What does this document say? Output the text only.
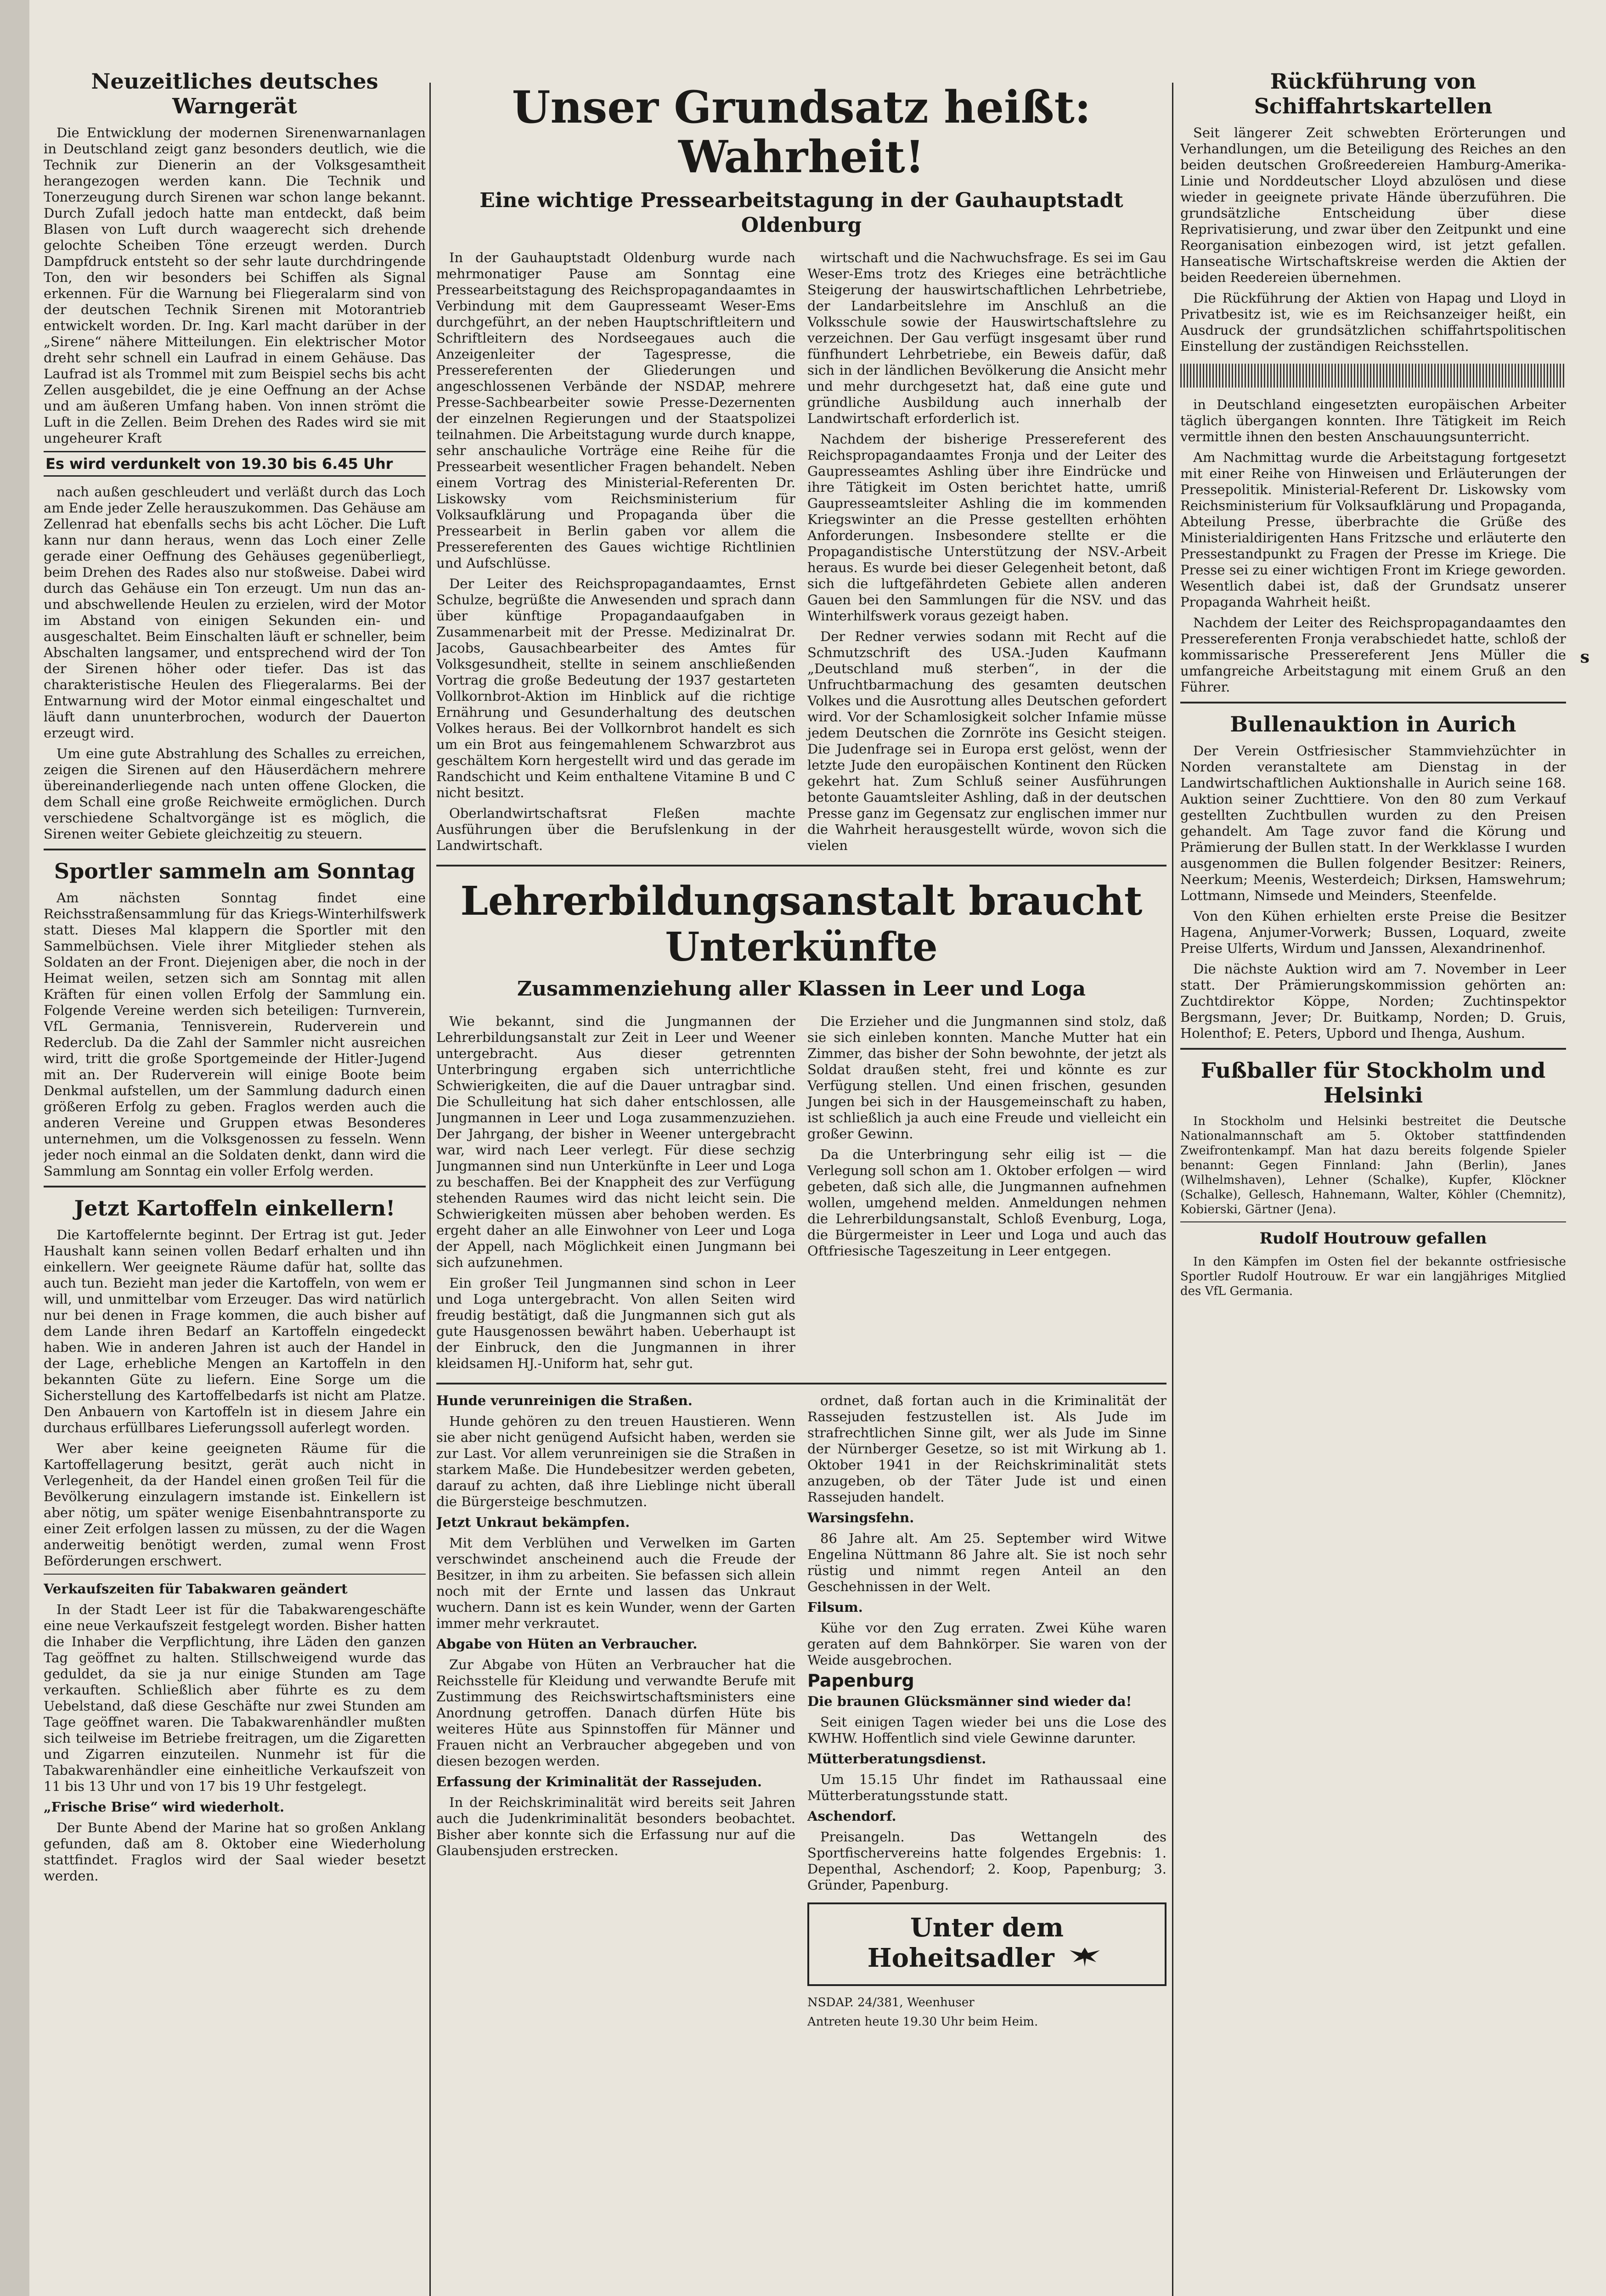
s
Neuzeitliches deutsches Warngerät

Die Entwicklung der modernen Sirenenwarnanlagen in Deutschland zeigt ganz besonders deutlich, wie die Technik zur Dienerin an der Volksgesamtheit herangezogen werden kann. Die Technik und Tonerzeugung durch Sirenen war schon lange bekannt. Durch Zufall jedoch hatte man entdeckt, daß beim Blasen von Luft durch waagerecht sich drehende gelochte Scheiben Töne erzeugt werden. Durch Dampfdruck entsteht so der sehr laute durchdringende Ton, den wir besonders bei Schiffen als Signal erkennen. Für die Warnung bei Fliegeralarm sind von der deutschen Technik Sirenen mit Motorantrieb entwickelt worden. Dr. Ing. Karl macht darüber in der „Sirene“ nähere Mitteilungen. Ein elektrischer Motor dreht sehr schnell ein Laufrad in einem Gehäuse. Das Laufrad ist als Trommel mit zum Beispiel sechs bis acht Zellen ausgebildet, die je eine Oeffnung an der Achse und am äußeren Umfang haben. Von innen strömt die Luft in die Zellen. Beim Drehen des Rades wird sie mit ungeheurer Kraft

Es wird verdunkelt von 19.30 bis 6.45 Uhr

nach außen geschleudert und verläßt durch das Loch am Ende jeder Zelle herauszukommen. Das Gehäuse am Zellenrad hat ebenfalls sechs bis acht Löcher. Die Luft kann nur dann heraus, wenn das Loch einer Zelle gerade einer Oeffnung des Gehäuses gegenüberliegt, beim Drehen des Rades also nur stoßweise. Dabei wird durch das Gehäuse ein Ton erzeugt. Um nun das an- und abschwellende Heulen zu erzielen, wird der Motor im Abstand von einigen Sekunden ein- und ausgeschaltet. Beim Einschalten läuft er schneller, beim Abschalten langsamer, und entsprechend wird der Ton der Sirenen höher oder tiefer. Das ist das charakteristische Heulen des Fliegeralarms. Bei der Entwarnung wird der Motor einmal eingeschaltet und läuft dann ununterbrochen, wodurch der Dauerton erzeugt wird.

Um eine gute Abstrahlung des Schalles zu erreichen, zeigen die Sirenen auf den Häuserdächern mehrere übereinanderliegende nach unten offene Glocken, die dem Schall eine große Reichweite ermöglichen. Durch verschiedene Schaltvorgänge ist es möglich, die Sirenen weiter Gebiete gleichzeitig zu steuern.

Sportler sammeln am Sonntag

Am nächsten Sonntag findet eine Reichsstraßensammlung für das Kriegs-Winterhilfswerk statt. Dieses Mal klappern die Sportler mit den Sammelbüchsen. Viele ihrer Mitglieder stehen als Soldaten an der Front. Diejenigen aber, die noch in der Heimat weilen, setzen sich am Sonntag mit allen Kräften für einen vollen Erfolg der Sammlung ein. Folgende Vereine werden sich beteiligen: Turnverein, VfL Germania, Tennisverein, Ruderverein und Rederclub. Da die Zahl der Sammler nicht ausreichen wird, tritt die große Sportgemeinde der Hitler-Jugend mit an. Der Ruderverein will einige Boote beim Denkmal aufstellen, um der Sammlung dadurch einen größeren Erfolg zu geben. Fraglos werden auch die anderen Vereine und Gruppen etwas Besonderes unternehmen, um die Volksgenossen zu fesseln. Wenn jeder noch einmal an die Soldaten denkt, dann wird die Sammlung am Sonntag ein voller Erfolg werden.

Jetzt Kartoffeln einkellern!

Die Kartoffelernte beginnt. Der Ertrag ist gut. Jeder Haushalt kann seinen vollen Bedarf erhalten und ihn einkellern. Wer geeignete Räume dafür hat, sollte das auch tun. Bezieht man jeder die Kartoffeln, von wem er will, und unmittelbar vom Erzeuger. Das wird natürlich nur bei denen in Frage kommen, die auch bisher auf dem Lande ihren Bedarf an Kartoffeln eingedeckt haben. Wie in anderen Jahren ist auch der Handel in der Lage, erhebliche Mengen an Kartoffeln in den bekannten Güte zu liefern. Eine Sorge um die Sicherstellung des Kartoffelbedarfs ist nicht am Platze. Den Anbauern von Kartoffeln ist in diesem Jahre ein durchaus erfüllbares Lieferungssoll auferlegt worden.

Wer aber keine geeigneten Räume für die Kartoffellagerung besitzt, gerät auch nicht in Verlegenheit, da der Handel einen großen Teil für die Bevölkerung einzulagern imstande ist. Einkellern ist aber nötig, um später wenige Eisenbahntransporte zu einer Zeit erfolgen lassen zu müssen, zu der die Wagen anderweitig benötigt werden, zumal wenn Frost Beförderungen erschwert.

Verkaufszeiten für Tabakwaren geändert

In der Stadt Leer ist für die Tabakwarengeschäfte eine neue Verkaufszeit festgelegt worden. Bisher hatten die Inhaber die Verpflichtung, ihre Läden den ganzen Tag geöffnet zu halten. Stillschweigend wurde das geduldet, da sie ja nur einige Stunden am Tage verkauften. Schließlich aber führte es zu dem Uebelstand, daß diese Geschäfte nur zwei Stunden am Tage geöffnet waren. Die Tabakwarenhändler mußten sich teilweise im Betriebe freitragen, um die Zigaretten und Zigarren einzuteilen. Nunmehr ist für die Tabakwarenhändler eine einheitliche Verkaufszeit von 11 bis 13 Uhr und von 17 bis 19 Uhr festgelegt.

„Frische Brise“ wird wiederholt.

Der Bunte Abend der Marine hat so großen Anklang gefunden, daß am 8. Oktober eine Wiederholung stattfindet. Fraglos wird der Saal wieder besetzt werden.

Unser Grundsatz heißt: Wahrheit!
Eine wichtige Pressearbeitstagung in der Gauhauptstadt Oldenburg

In der Gauhauptstadt Oldenburg wurde nach mehrmonatiger Pause am Sonntag eine Pressearbeitstagung des Reichspropagandaamtes in Verbindung mit dem Gaupresseamt Weser-Ems durchgeführt, an der neben Hauptschriftleitern und Schriftleitern des Nordseegaues auch die Anzeigenleiter der Tagespresse, die Pressereferenten der Gliederungen und angeschlossenen Verbände der NSDAP, mehrere Presse-Sachbearbeiter sowie Presse-Dezernenten der einzelnen Regierungen und der Staatspolizei teilnahmen. Die Arbeitstagung wurde durch knappe, sehr anschauliche Vorträge eine Reihe für die Pressearbeit wesentlicher Fragen behandelt. Neben einem Vortrag des Ministerial-Referenten Dr. Liskowsky vom Reichsministerium für Volksaufklärung und Propaganda über die Pressearbeit in Berlin gaben vor allem die Pressereferenten des Gaues wichtige Richtlinien und Aufschlüsse.

Der Leiter des Reichspropagandaamtes, Ernst Schulze, begrüßte die Anwesenden und sprach dann über künftige Propagandaaufgaben in Zusammenarbeit mit der Presse. Medizinalrat Dr. Jacobs, Gausachbearbeiter des Amtes für Volksgesundheit, stellte in seinem anschließenden Vortrag die große Bedeutung der 1937 gestarteten Vollkornbrot-Aktion im Hinblick auf die richtige Ernährung und Gesunderhaltung des deutschen Volkes heraus. Bei der Vollkornbrot handelt es sich um ein Brot aus feingemahlenem Schwarzbrot aus geschältem Korn hergestellt wird und das gerade im Randschicht und Keim enthaltene Vitamine B und C nicht besitzt.

Oberlandwirtschaftsrat Fleßen machte Ausführungen über die Berufslenkung in der Landwirtschaft.

wirtschaft und die Nachwuchsfrage. Es sei im Gau Weser-Ems trotz des Krieges eine beträchtliche Steigerung der hauswirtschaftlichen Lehrbetriebe, der Landarbeitslehre im Anschluß an die Volksschule sowie der Hauswirtschaftslehre zu verzeichnen. Der Gau verfügt insgesamt über rund fünfhundert Lehrbetriebe, ein Beweis dafür, daß sich in der ländlichen Bevölkerung die Ansicht mehr und mehr durchgesetzt hat, daß eine gute und gründliche Ausbildung auch innerhalb der Landwirtschaft erforderlich ist.

Nachdem der bisherige Pressereferent des Reichspropagandaamtes Fronja und der Leiter des Gaupresseamtes Ashling über ihre Eindrücke und ihre Tätigkeit im Osten berichtet hatte, umriß Gaupresseamtsleiter Ashling die im kommenden Kriegswinter an die Presse gestellten erhöhten Anforderungen. Insbesondere stellte er die Propagandistische Unterstützung der NSV.-Arbeit heraus. Es wurde bei dieser Gelegenheit betont, daß sich die luftgefährdeten Gebiete allen anderen Gauen bei den Sammlungen für die NSV. und das Winterhilfswerk voraus gezeigt haben.

Der Redner verwies sodann mit Recht auf die Schmutzschrift des USA.-Juden Kaufmann „Deutschland muß sterben“, in der die Unfruchtbarmachung des gesamten deutschen Volkes und die Ausrottung alles Deutschen gefordert wird. Vor der Schamlosigkeit solcher Infamie müsse jedem Deutschen die Zornröte ins Gesicht steigen. Die Judenfrage sei in Europa erst gelöst, wenn der letzte Jude den europäischen Kontinent den Rücken gekehrt hat. Zum Schluß seiner Ausführungen betonte Gauamtsleiter Ashling, daß in der deutschen Presse ganz im Gegensatz zur englischen immer nur die Wahrheit herausgestellt würde, wovon sich die vielen

Lehrerbildungsanstalt braucht Unterkünfte
Zusammenziehung aller Klassen in Leer und Loga

Wie bekannt, sind die Jungmannen der Lehrerbildungsanstalt zur Zeit in Leer und Weener untergebracht. Aus dieser getrennten Unterbringung ergaben sich unterrichtliche Schwierigkeiten, die auf die Dauer untragbar sind. Die Schulleitung hat sich daher entschlossen, alle Jungmannen in Leer und Loga zusammenzuziehen. Der Jahrgang, der bisher in Weener untergebracht war, wird nach Leer verlegt. Für diese sechzig Jungmannen sind nun Unterkünfte in Leer und Loga zu beschaffen. Bei der Knappheit des zur Verfügung stehenden Raumes wird das nicht leicht sein. Die Schwierigkeiten müssen aber behoben werden. Es ergeht daher an alle Einwohner von Leer und Loga der Appell, nach Möglichkeit einen Jungmann bei sich aufzunehmen.

Ein großer Teil Jungmannen sind schon in Leer und Loga untergebracht. Von allen Seiten wird freudig bestätigt, daß die Jungmannen sich gut als gute Hausgenossen bewährt haben. Ueberhaupt ist der Einbruck, den die Jungmannen in ihrer kleidsamen HJ.-Uniform hat, sehr gut.

Die Erzieher und die Jungmannen sind stolz, daß sie sich einleben konnten. Manche Mutter hat ein Zimmer, das bisher der Sohn bewohnte, der jetzt als Soldat draußen steht, frei und könnte es zur Verfügung stellen. Und einen frischen, gesunden Jungen bei sich in der Hausgemeinschaft zu haben, ist schließlich ja auch eine Freude und vielleicht ein großer Gewinn.

Da die Unterbringung sehr eilig ist — die Verlegung soll schon am 1. Oktober erfolgen — wird gebeten, daß sich alle, die Jungmannen aufnehmen wollen, umgehend melden. Anmeldungen nehmen die Lehrerbildungsanstalt, Schloß Evenburg, Loga, die Bürgermeister in Leer und Loga und auch das Oftfriesische Tageszeitung in Leer entgegen.

Hunde verunreinigen die Straßen.

Hunde gehören zu den treuen Haustieren. Wenn sie aber nicht genügend Aufsicht haben, werden sie zur Last. Vor allem verunreinigen sie die Straßen in starkem Maße. Die Hundebesitzer werden gebeten, darauf zu achten, daß ihre Lieblinge nicht überall die Bürgersteige beschmutzen.

Jetzt Unkraut bekämpfen.

Mit dem Verblühen und Verwelken im Garten verschwindet anscheinend auch die Freude der Besitzer, in ihm zu arbeiten. Sie befassen sich allein noch mit der Ernte und lassen das Unkraut wuchern. Dann ist es kein Wunder, wenn der Garten immer mehr verkrautet.

Abgabe von Hüten an Verbraucher.

Zur Abgabe von Hüten an Verbraucher hat die Reichsstelle für Kleidung und verwandte Berufe mit Zustimmung des Reichswirtschaftsministers eine Anordnung getroffen. Danach dürfen Hüte bis weiteres Hüte aus Spinnstoffen für Männer und Frauen nicht an Verbraucher abgegeben und von diesen bezogen werden.

Erfassung der Kriminalität der Rassejuden.

In der Reichskriminalität wird bereits seit Jahren auch die Judenkriminalität besonders beobachtet. Bisher aber konnte sich die Erfassung nur auf die Glaubensjuden erstrecken.

ordnet, daß fortan auch in die Kriminalität der Rassejuden festzustellen ist. Als Jude im strafrechtlichen Sinne gilt, wer als Jude im Sinne der Nürnberger Gesetze, so ist mit Wirkung ab 1. Oktober 1941 in der Reichskriminalität stets anzugeben, ob der Täter Jude ist und einen Rassejuden handelt.

Warsingsfehn.

86 Jahre alt. Am 25. September wird Witwe Engelina Nüttmann 86 Jahre alt. Sie ist noch sehr rüstig und nimmt regen Anteil an den Geschehnissen in der Welt.

Filsum.

Kühe vor den Zug erraten. Zwei Kühe waren geraten auf dem Bahnkörper. Sie waren von der Weide ausgebrochen.

Papenburg

Die braunen Glücksmänner sind wieder da!

Seit einigen Tagen wieder bei uns die Lose des KWHW. Hoffentlich sind viele Gewinne darunter.

Mütterberatungsdienst.

Um 15.15 Uhr findet im Rathaussaal eine Mütterberatungsstunde statt.

Aschendorf.

Preisangeln. Das Wettangeln des Sportfischervereins hatte folgendes Ergebnis: 1. Depenthal, Aschendorf; 2. Koop, Papenburg; 3. Gründer, Papenburg.

Unter dem Hoheitsadler

NSDAP. 24/381, Weenhuser

Antreten heute 19.30 Uhr beim Heim.

Rückführung von Schiffahrtskartellen

Seit längerer Zeit schwebten Erörterungen und Verhandlungen, um die Beteiligung des Reiches an den beiden deutschen Großreedereien Hamburg-Amerika-Linie und Norddeutscher Lloyd abzulösen und diese wieder in geeignete private Hände überzuführen. Die grundsätzliche Entscheidung über diese Reprivatisierung, und zwar über den Zeitpunkt und eine Reorganisation einbezogen wird, ist jetzt gefallen. Hanseatische Wirtschaftskreise werden die Aktien der beiden Reedereien übernehmen.

Die Rückführung der Aktien von Hapag und Lloyd in Privatbesitz ist, wie es im Reichsanzeiger heißt, ein Ausdruck der grundsätzlichen schiffahrtspolitischen Einstellung der zuständigen Reichsstellen.

in Deutschland eingesetzten europäischen Arbeiter täglich übergangen konnten. Ihre Tätigkeit im Reich vermittle ihnen den besten Anschauungsunterricht.

Am Nachmittag wurde die Arbeitstagung fortgesetzt mit einer Reihe von Hinweisen und Erläuterungen der Pressepolitik. Ministerial-Referent Dr. Liskowsky vom Reichsministerium für Volksaufklärung und Propaganda, Abteilung Presse, überbrachte die Grüße des Ministerialdirigenten Hans Fritzsche und erläuterte den Pressestandpunkt zu Fragen der Presse im Kriege. Die Presse sei zu einer wichtigen Front im Kriege geworden. Wesentlich dabei ist, daß der Grundsatz unserer Propaganda Wahrheit heißt.

Nachdem der Leiter des Reichspropagandaamtes den Pressereferenten Fronja verabschiedet hatte, schloß der kommissarische Pressereferent Jens Müller die umfangreiche Arbeitstagung mit einem Gruß an den Führer.

Bullenauktion in Aurich

Der Verein Ostfriesischer Stammviehzüchter in Norden veranstaltete am Dienstag in der Landwirtschaftlichen Auktionshalle in Aurich seine 168. Auktion seiner Zuchttiere. Von den 80 zum Verkauf gestellten Zuchtbullen wurden zu den Preisen gehandelt. Am Tage zuvor fand die Körung und Prämierung der Bullen statt. In der Werkklasse I wurden ausgenommen die Bullen folgender Besitzer: Reiners, Neerkum; Meenis, Westerdeich; Dirksen, Hamswehrum; Lottmann, Nimsede und Meinders, Steenfelde.

Von den Kühen erhielten erste Preise die Besitzer Hagena, Anjumer-Vorwerk; Bussen, Loquard, zweite Preise Ulferts, Wirdum und Janssen, Alexandrinenhof.

Die nächste Auktion wird am 7. November in Leer statt. Der Prämierungskommission gehörten an: Zuchtdirektor Köppe, Norden; Zuchtinspektor Bergsmann, Jever; Dr. Buitkamp, Norden; D. Gruis, Holenthof; E. Peters, Upbord und Ihenga, Aushum.

Fußballer für Stockholm und Helsinki

In Stockholm und Helsinki bestreitet die Deutsche Nationalmannschaft am 5. Oktober stattfindenden Zweifrontenkampf. Man hat dazu bereits folgende Spieler benannt: Gegen Finnland: Jahn (Berlin), Janes (Wilhelmshaven), Lehner (Schalke), Kupfer, Klöckner (Schalke), Gellesch, Hahnemann, Walter, Köhler (Chemnitz), Kobierski, Gärtner (Jena).

Rudolf Houtrouw gefallen

In den Kämpfen im Osten fiel der bekannte ostfriesische Sportler Rudolf Houtrouw. Er war ein langjähriges Mitglied des VfL Germania.
